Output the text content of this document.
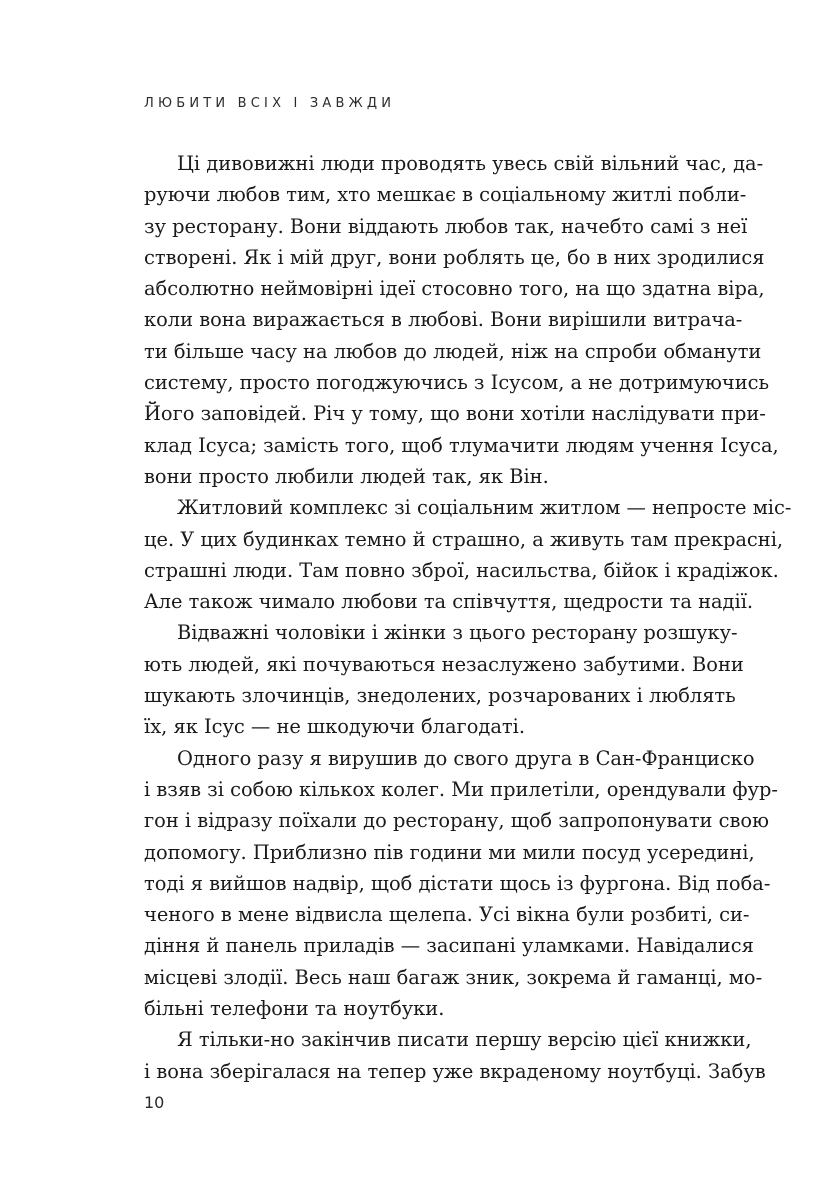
ЛЮБИТИ ВСІХ І ЗАВЖДИ
Ці дивовижні люди проводять увесь свій вільний час, да-
руючи любов тим, хто мешкає в соціальному житлі побли-
зу ресторану. Вони віддають любов так, начебто самі з неї
створені. Як і мій друг, вони роблять це, бо в них зродилися
абсолютно неймовірні ідеї стосовно того, на що здатна віра,
коли вона виражається в любові. Вони вирішили витрача-
ти більше часу на любов до людей, ніж на спроби обманути
систему, просто погоджуючись з Ісусом, а не дотримуючись
Його заповідей. Річ у тому, що вони хотіли наслідувати при-
клад Ісуса; замість того, щоб тлумачити людям учення Ісуса,
вони просто любили людей так, як Він.
Житловий комплекс зі соціальним житлом — непросте міс-
це. У цих будинках темно й страшно, а живуть там прекрасні,
страшні люди. Там повно зброї, насильства, бійок і крадіжок.
Але також чимало любови та співчуття, щедрости та надії.
Відважні чоловіки і жінки з цього ресторану розшуку-
ють людей, які почуваються незаслужено забутими. Вони
шукають злочинців, знедолених, розчарованих і люблять
їх, як Ісус — не шкодуючи благодаті.
Одного разу я вирушив до свого друга в Сан-Франциско
і взяв зі собою кількох колег. Ми прилетіли, орендували фур-
гон і відразу поїхали до ресторану, щоб запропонувати свою
допомогу. Приблизно пів години ми мили посуд усередині,
тоді я вийшов надвір, щоб дістати щось із фургона. Від поба-
ченого в мене відвисла щелепа. Усі вікна були розбиті, си-
діння й панель приладів — засипані уламками. Навідалися
місцеві злодії. Весь наш багаж зник, зокрема й гаманці, мо-
більні телефони та ноутбуки.
Я тільки-но закінчив писати першу версію цієї книжки,
і вона зберігалася на тепер уже вкраденому ноутбуці. Забув
10
